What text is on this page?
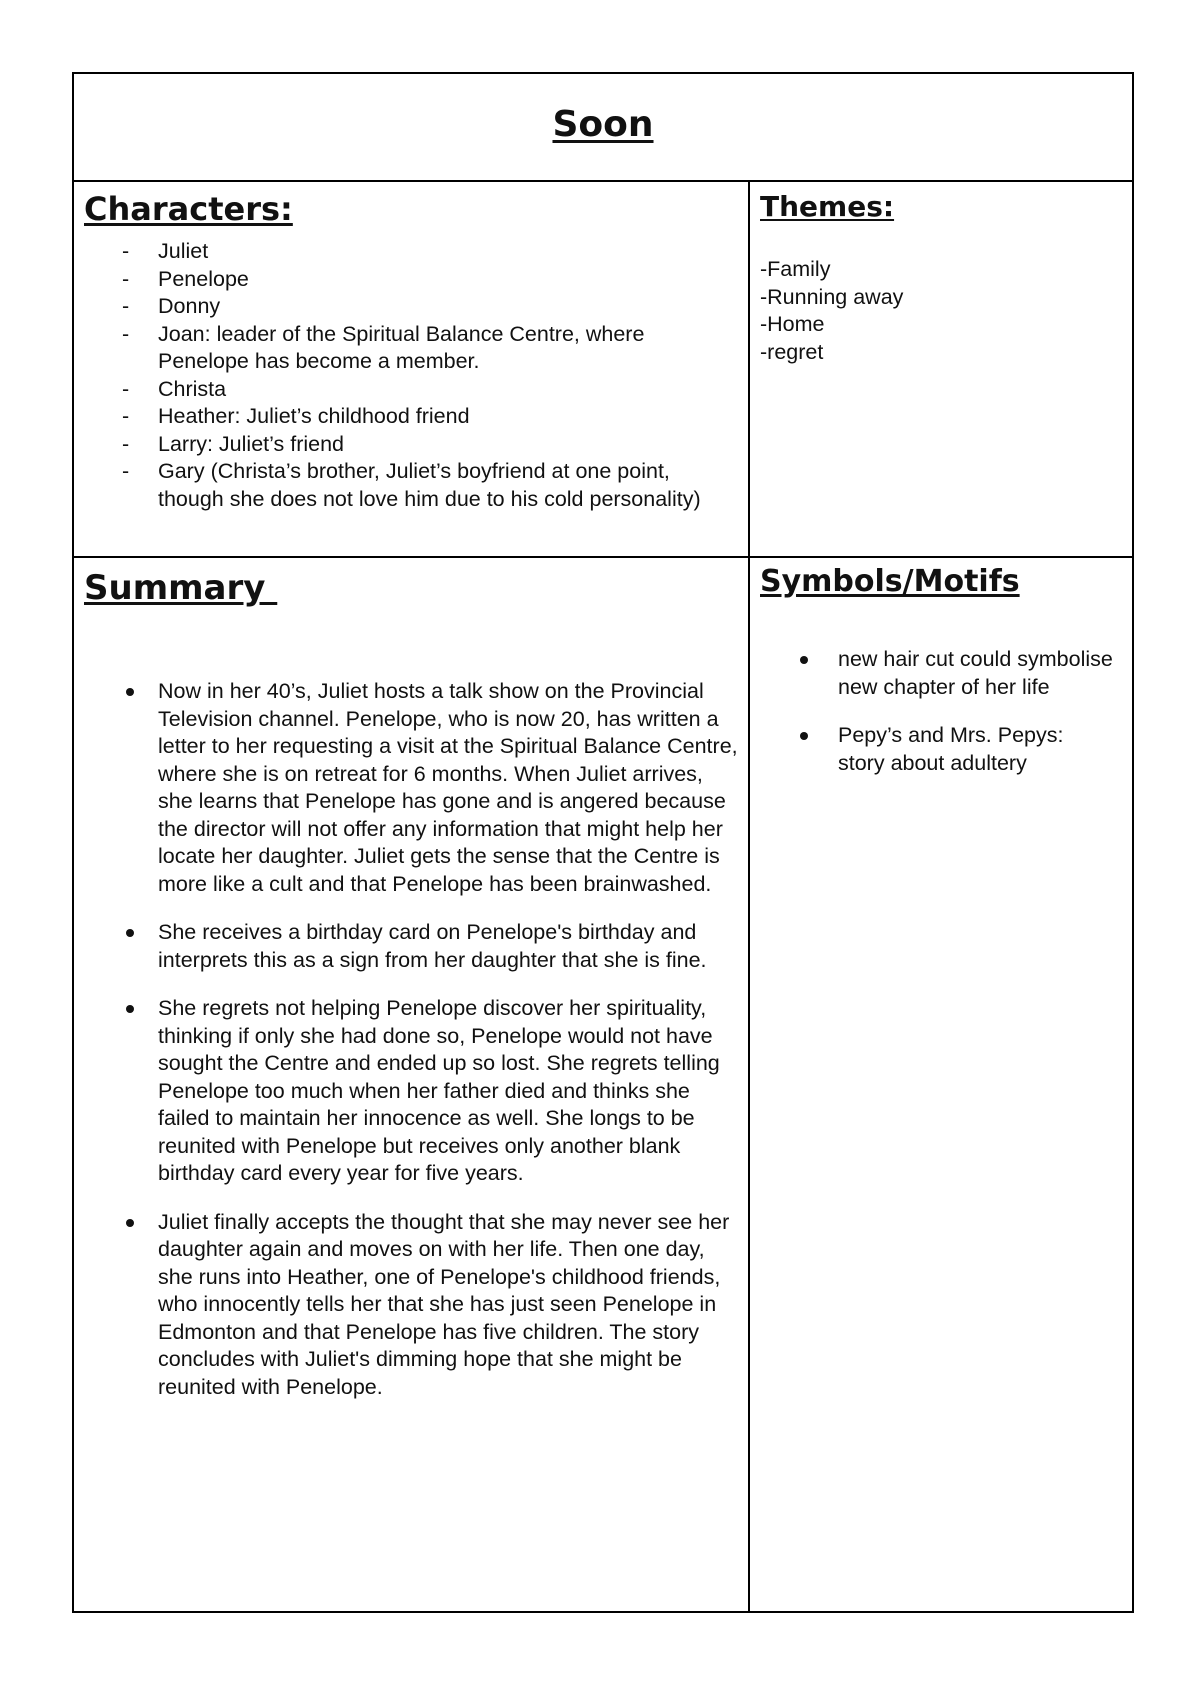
Soon
Characters:
- Juliet
- Penelope
- Donny
- Joan: leader of the Spiritual Balance Centre, where Penelope has become a member.
- Christa
- Heather: Juliet’s childhood friend
- Larry: Juliet’s friend
- Gary (Christa’s brother, Juliet’s boyfriend at one point, though she does not love him due to his cold personality)
Themes:
-Family
-Running away
-Home
-regret
Summary
Now in her 40’s, Juliet hosts a talk show on the Provincial Television channel. Penelope, who is now 20, has written a letter to her requesting a visit at the Spiritual Balance Centre, where she is on retreat for 6 months. When Juliet arrives, she learns that Penelope has gone and is angered because the director will not offer any information that might help her locate her daughter. Juliet gets the sense that the Centre is more like a cult and that Penelope has been brainwashed.
She receives a birthday card on Penelope's birthday and interprets this as a sign from her daughter that she is fine.
She regrets not helping Penelope discover her spirituality, thinking if only she had done so, Penelope would not have sought the Centre and ended up so lost. She regrets telling Penelope too much when her father died and thinks she failed to maintain her innocence as well. She longs to be reunited with Penelope but receives only another blank birthday card every year for five years.
Juliet finally accepts the thought that she may never see her daughter again and moves on with her life. Then one day, she runs into Heather, one of Penelope's childhood friends, who innocently tells her that she has just seen Penelope in Edmonton and that Penelope has five children. The story concludes with Juliet's dimming hope that she might be reunited with Penelope.
Symbols/Motifs
new hair cut could symbolise new chapter of her life
Pepy’s and Mrs. Pepys: story about adultery
